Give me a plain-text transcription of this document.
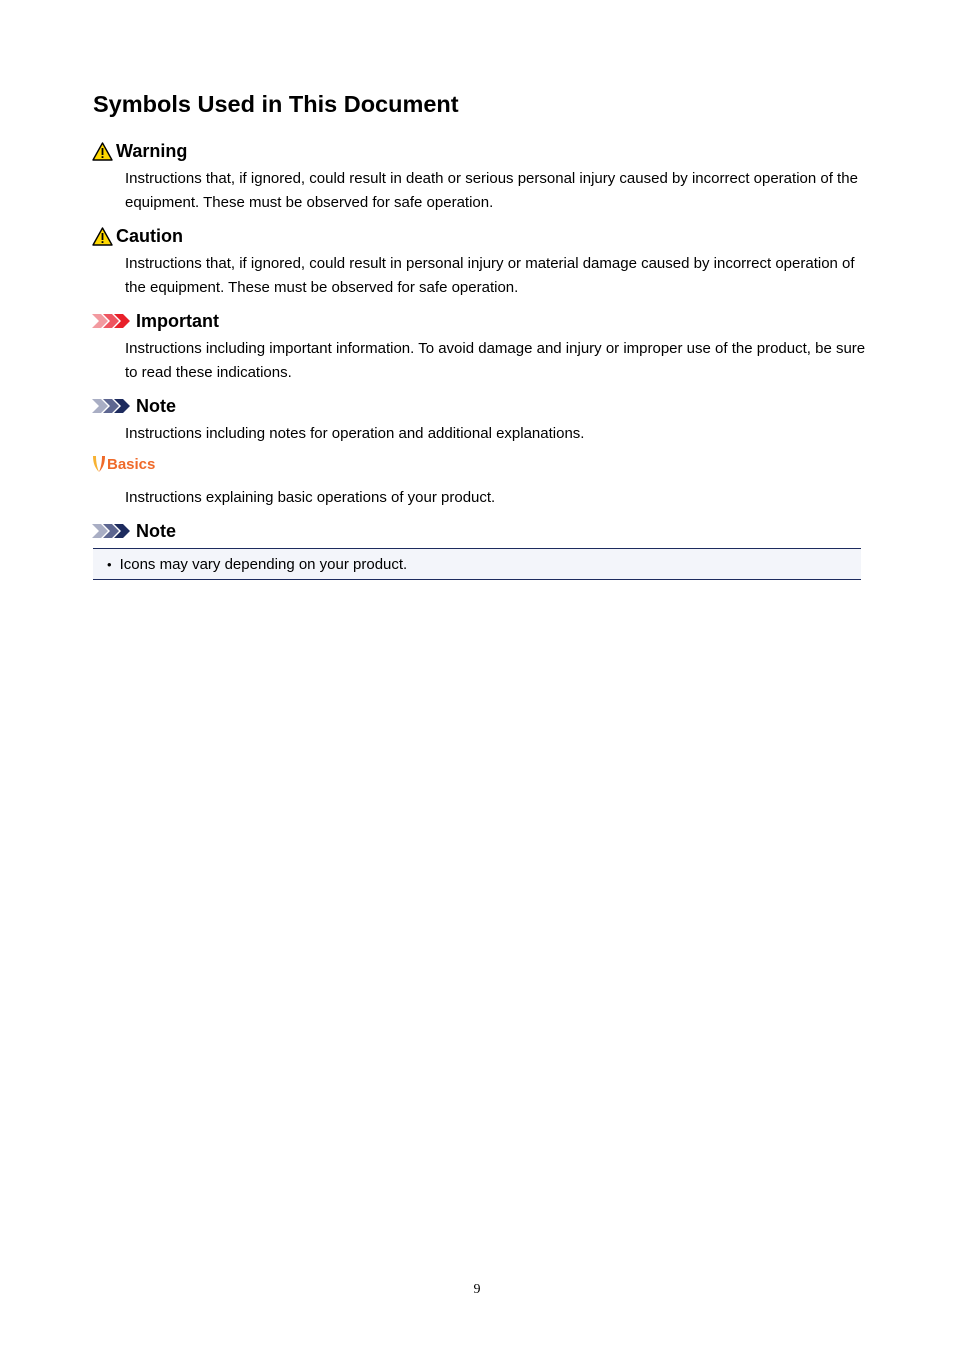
Symbols Used in This Document
Warning
Instructions that, if ignored, could result in death or serious personal injury caused by incorrect operation of the equipment. These must be observed for safe operation.
Caution
Instructions that, if ignored, could result in personal injury or material damage caused by incorrect operation of the equipment. These must be observed for safe operation.
Important
Instructions including important information. To avoid damage and injury or improper use of the product, be sure to read these indications.
Note
Instructions including notes for operation and additional explanations.
Basics
Instructions explaining basic operations of your product.
Note
• Icons may vary depending on your product.
9
